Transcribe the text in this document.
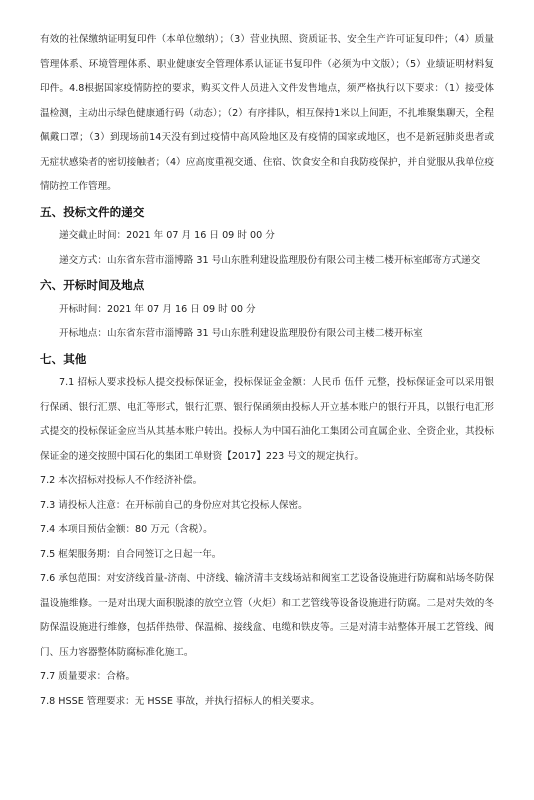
有效的社保缴纳证明复印件（本单位缴纳）；（3）营业执照、资质证书、安全生产许可证复印件；（4）质量管理体系、环境管理体系、职业健康安全管理体系认证证书复印件（必须为中文版）；（5）业绩证明材料复印件。4.8根据国家疫情防控的要求，购买文件人员进入文件发售地点，须严格执行以下要求：（1）接受体温检测，主动出示绿色健康通行码（动态）；（2）有序排队，相互保持1米以上间距，不扎堆聚集聊天，全程佩戴口罩；（3）到现场前14天没有到过疫情中高风险地区及有疫情的国家或地区，也不是新冠肺炎患者或无症状感染者的密切接触者；（4）应高度重视交通、住宿、饮食安全和自我防疫保护，并自觉服从我单位疫情防控工作管理。

五、投标文件的递交

递交截止时间：2021 年 07 月 16 日 09 时 00 分

递交方式：山东省东营市淄博路 31 号山东胜利建设监理股份有限公司主楼二楼开标室邮寄方式递交

六、开标时间及地点

开标时间：2021 年 07 月 16 日 09 时 00 分

开标地点：山东省东营市淄博路 31 号山东胜利建设监理股份有限公司主楼二楼开标室

七、其他

7.1 招标人要求投标人提交投标保证金，投标保证金金额：人民币 伍仟 元整，投标保证金可以采用银行保函、银行汇票、电汇等形式，银行汇票、银行保函须由投标人开立基本账户的银行开具，以银行电汇形式提交的投标保证金应当从其基本账户转出。投标人为中国石油化工集团公司直属企业、全资企业，其投标保证金的递交按照中国石化的集团工单财资【2017】223 号文的规定执行。

7.2 本次招标对投标人不作经济补偿。

7.3 请投标人注意：在开标前自己的身份应对其它投标人保密。

7.4 本项目预估金额：80 万元（含税）。

7.5 框架服务期：自合同签订之日起一年。

7.6 承包范围：对安济线首量-济南、中济线、输济清丰支线场站和阀室工艺设备设施进行防腐和站场冬防保温设施维修。一是对出现大面积脱漆的放空立管（火炬）和工艺管线等设备设施进行防腐。二是对失效的冬防保温设施进行维修，包括伴热带、保温棉、接线盒、电缆和铁皮等。三是对清丰站整体开展工艺管线、阀门、压力容器整体防腐标准化施工。

7.7 质量要求：合格。

7.8 HSSE 管理要求：无 HSSE 事故，并执行招标人的相关要求。
